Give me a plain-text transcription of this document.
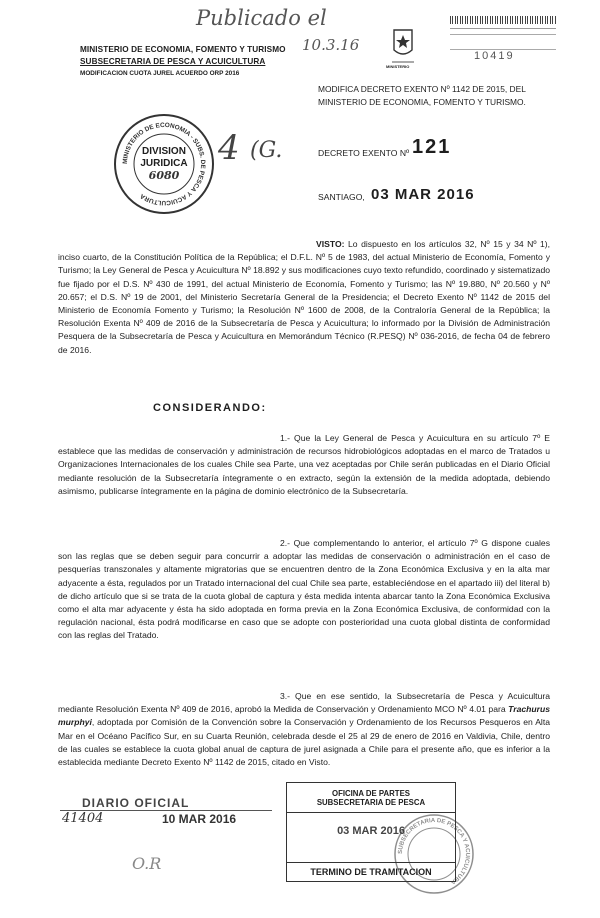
Publicado el
10.3.16
MINISTERIO DE ECONOMIA, FOMENTO Y TURISMO
SUBSECRETARIA DE PESCA Y ACUICULTURA
MODIFICACION CUOTA JUREL ACUERDO ORP 2016
MINISTERIO
10419
MODIFICA DECRETO EXENTO Nº 1142 DE 2015, DEL
MINISTERIO DE ECONOMIA, FOMENTO Y TURISMO.
MINISTERIO DE ECONOMIA - SUBS. DE PESCA Y ACUICULTURA
DIVISION
JURIDICA
6080
4 (G.	DECRETO EXENTO Nº 121
SANTIAGO, 03 MAR 2016
VISTO: Lo dispuesto en los artículos 32, Nº 15 y 34 Nº 1), inciso cuarto, de la Constitución Política de la República; el D.F.L. Nº 5 de 1983, del actual Ministerio de Economía, Fomento y Turismo; la Ley General de Pesca y Acuicultura Nº 18.892 y sus modificaciones cuyo texto refundido, coordinado y sistematizado fue fijado por el D.S. Nº 430 de 1991, del actual Ministerio de Economía, Fomento y Turismo; las Nº 19.880, Nº 20.560 y Nº 20.657; el D.S. Nº 19 de 2001, del Ministerio Secretaría General de la Presidencia; el Decreto Exento Nº 1142 de 2015 del Ministerio de Economía Fomento y Turismo; la Resolución Nº 1600 de 2008, de la Contraloría General de la República; la Resolución Exenta Nº 409 de 2016 de la Subsecretaría de Pesca y Acuicultura; lo informado por la División de Administración Pesquera de la Subsecretaría de Pesca y Acuicultura en Memorándum Técnico (R.PESQ) Nº 036-2016, de fecha 04 de febrero de 2016.
CONSIDERANDO:
1.- Que la Ley General de Pesca y Acuicultura en su artículo 7º E establece que las medidas de conservación y administración de recursos hidrobiológicos adoptadas en el marco de Tratados u Organizaciones Internacionales de los cuales Chile sea Parte, una vez aceptadas por Chile serán publicadas en el Diario Oficial mediante resolución de la Subsecretaría íntegramente o en extracto, según la extensión de la medida adoptada, debiendo asimismo, publicarse íntegramente en la página de dominio electrónico de la Subsecretaría.
2.- Que complementando lo anterior, el artículo 7º G dispone cuales son las reglas que se deben seguir para concurrir a adoptar las medidas de conservación o administración en el caso de pesquerías transzonales y altamente migratorias que se encuentren dentro de la Zona Económica Exclusiva y en la alta mar adyacente a ésta, regulados por un Tratado internacional del cual Chile sea parte, estableciéndose en el apartado iii) del literal b) de dicho artículo que si se trata de la cuota global de captura y ésta medida intenta abarcar tanto la Zona Económica Exclusiva como el alta mar adyacente y ésta ha sido adoptada en forma previa en la Zona Económica Exclusiva, de conformidad con la regulación nacional, ésta podrá modificarse en caso que se adopte con posterioridad una cuota global distinta de conformidad con las reglas del Tratado.
3.- Que en ese sentido, la Subsecretaría de Pesca y Acuicultura mediante Resolución Exenta Nº 409 de 2016, aprobó la Medida de Conservación y Ordenamiento MCO Nº 4.01 para Trachurus murphyi, adoptada por Comisión de la Convención sobre la Conservación y Ordenamiento de los Recursos Pesqueros en Alta Mar en el Océano Pacífico Sur, en su Cuarta Reunión, celebrada desde el 25 al 29 de enero de 2016 en Valdivia, Chile, dentro de las cuales se establece la cuota global anual de captura de jurel asignada a Chile para el presente año, que es inferior a la establecida mediante Decreto Exento Nº 1142 de 2015, citado en Visto.
DIARIO OFICIAL
41404	10 MAR 2016
OFICINA DE PARTES
SUBSECRETARIA DE PESCA
03 MAR 2016
TERMINO DE TRAMITACION
SUBSECRETARIA DE PESCA Y ACUICULTURA
O.R
